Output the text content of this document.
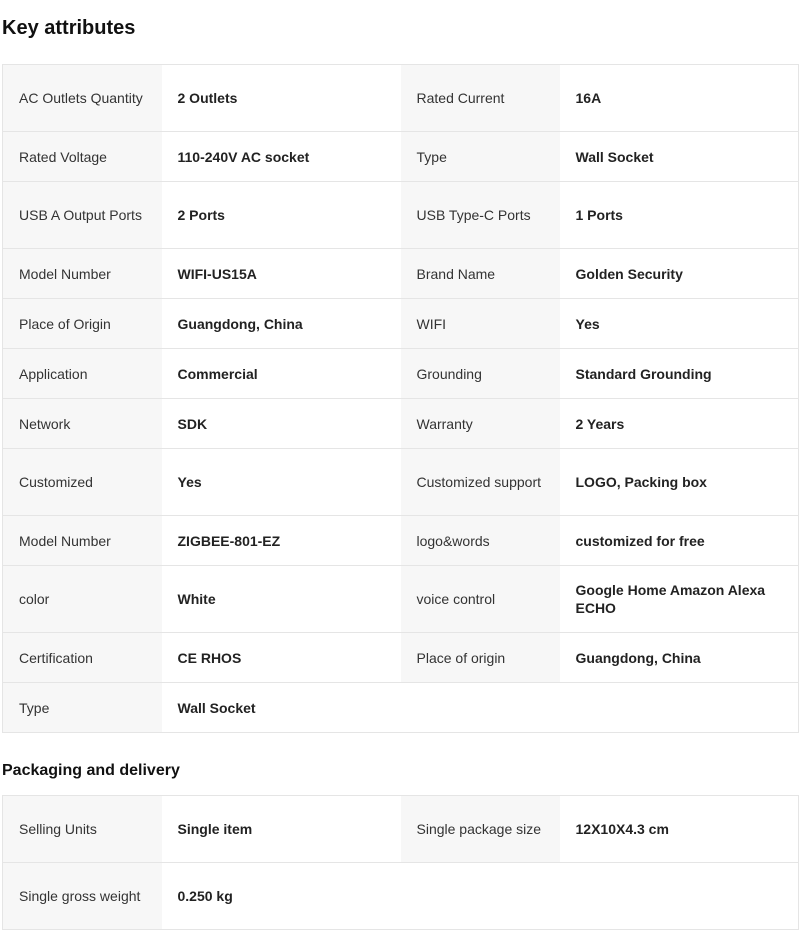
Key attributes
AC Outlets Quantity	2 Outlets	Rated Current	16A
Rated Voltage	110-240V AC socket	Type	Wall Socket
USB A Output Ports	2 Ports	USB Type-C Ports	1 Ports
Model Number	WIFI-US15A	Brand Name	Golden Security
Place of Origin	Guangdong, China	WIFI	Yes
Application	Commercial	Grounding	Standard Grounding
Network	SDK	Warranty	2 Years
Customized	Yes	Customized support	LOGO, Packing box
Model Number	ZIGBEE-801-EZ	logo&words	customized for free
color	White	voice control	Google Home Amazon Alexa ECHO
Certification	CE RHOS	Place of origin	Guangdong, China
Type	Wall Socket		
Packaging and delivery
Selling Units	Single item	Single package size	12X10X4.3 cm
Single gross weight	0.250 kg		
